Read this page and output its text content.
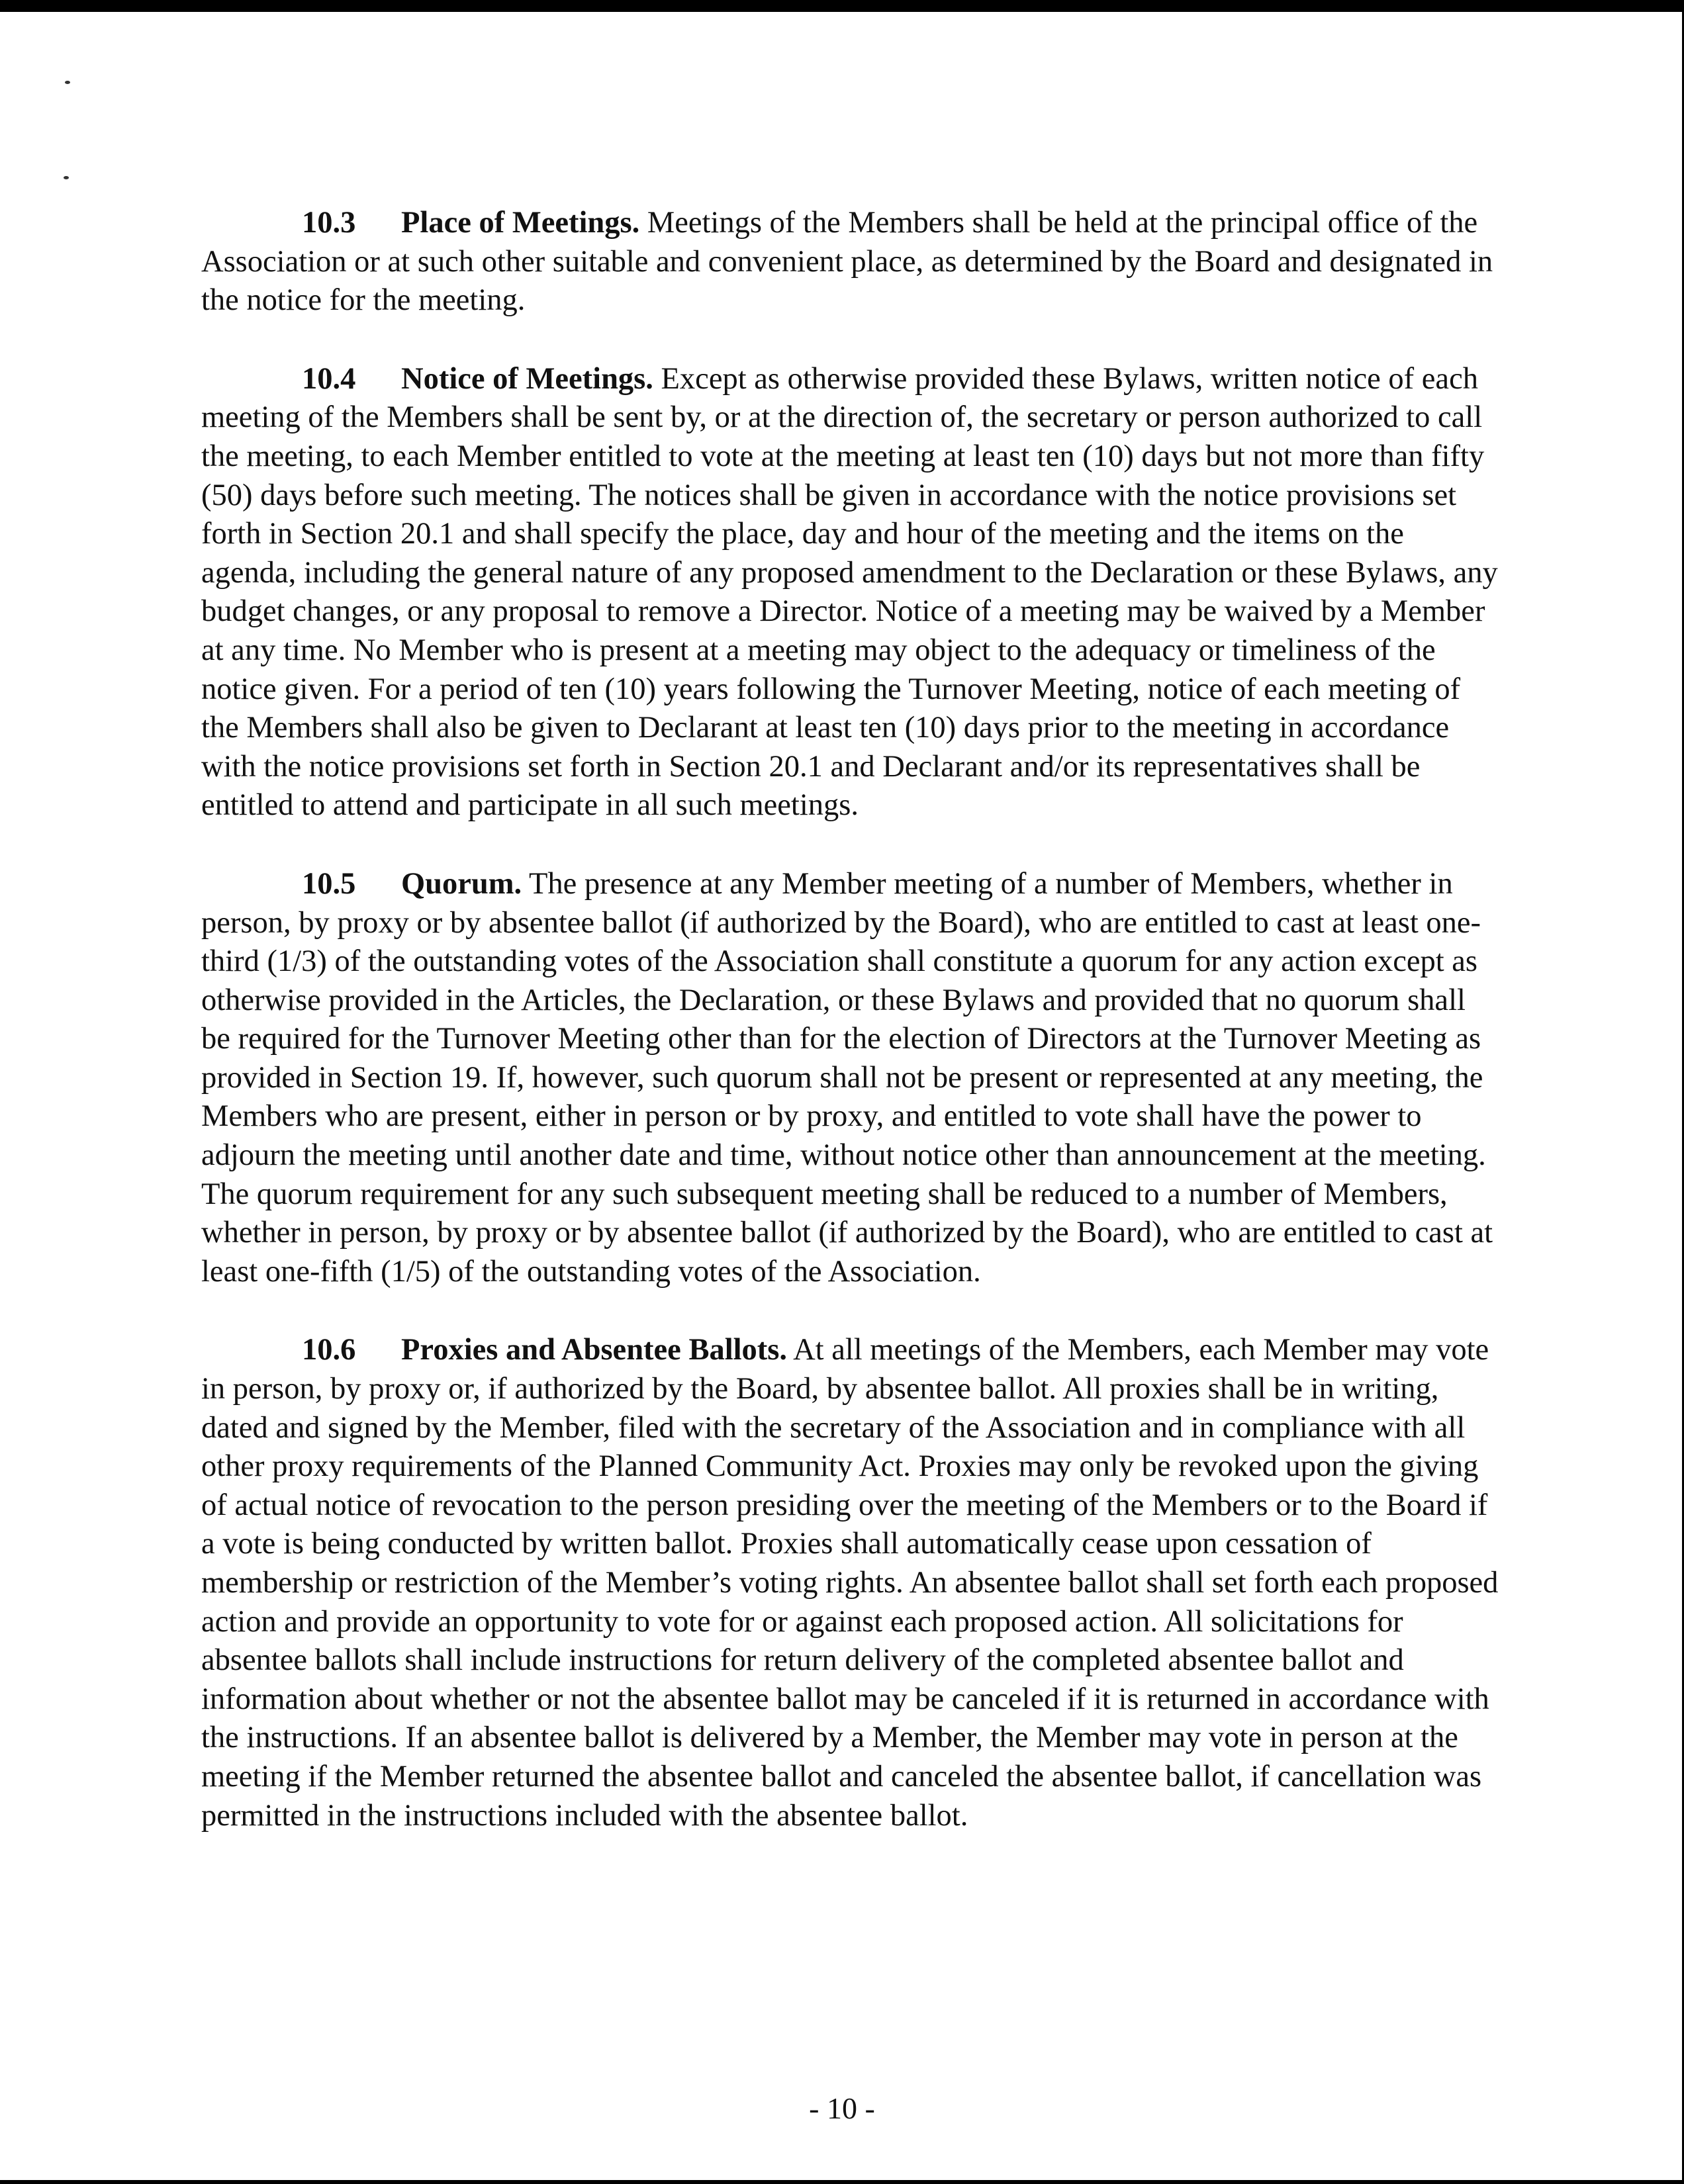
10.3 Place of Meetings. Meetings of the Members shall be held at the principal office of the Association or at such other suitable and convenient place, as determined by the Board and designated in the notice for the meeting.

10.4 Notice of Meetings. Except as otherwise provided these Bylaws, written notice of each meeting of the Members shall be sent by, or at the direction of, the secretary or person authorized to call the meeting, to each Member entitled to vote at the meeting at least ten (10) days but not more than fifty (50) days before such meeting. The notices shall be given in accordance with the notice provisions set forth in Section 20.1 and shall specify the place, day and hour of the meeting and the items on the agenda, including the general nature of any proposed amendment to the Declaration or these Bylaws, any budget changes, or any proposal to remove a Director. Notice of a meeting may be waived by a Member at any time. No Member who is present at a meeting may object to the adequacy or timeliness of the notice given. For a period of ten (10) years following the Turnover Meeting, notice of each meeting of the Members shall also be given to Declarant at least ten (10) days prior to the meeting in accordance with the notice provisions set forth in Section 20.1 and Declarant and/or its representatives shall be entitled to attend and participate in all such meetings.

10.5 Quorum. The presence at any Member meeting of a number of Members, whether in person, by proxy or by absentee ballot (if authorized by the Board), who are entitled to cast at least one-third (1/3) of the outstanding votes of the Association shall constitute a quorum for any action except as otherwise provided in the Articles, the Declaration, or these Bylaws and provided that no quorum shall be required for the Turnover Meeting other than for the election of Directors at the Turnover Meeting as provided in Section 19. If, however, such quorum shall not be present or represented at any meeting, the Members who are present, either in person or by proxy, and entitled to vote shall have the power to adjourn the meeting until another date and time, without notice other than announcement at the meeting. The quorum requirement for any such subsequent meeting shall be reduced to a number of Members, whether in person, by proxy or by absentee ballot (if authorized by the Board), who are entitled to cast at least one-fifth (1/5) of the outstanding votes of the Association.

10.6 Proxies and Absentee Ballots. At all meetings of the Members, each Member may vote in person, by proxy or, if authorized by the Board, by absentee ballot. All proxies shall be in writing, dated and signed by the Member, filed with the secretary of the Association and in compliance with all other proxy requirements of the Planned Community Act. Proxies may only be revoked upon the giving of actual notice of revocation to the person presiding over the meeting of the Members or to the Board if a vote is being conducted by written ballot. Proxies shall automatically cease upon cessation of membership or restriction of the Member’s voting rights. An absentee ballot shall set forth each proposed action and provide an opportunity to vote for or against each proposed action. All solicitations for absentee ballots shall include instructions for return delivery of the completed absentee ballot and information about whether or not the absentee ballot may be canceled if it is returned in accordance with the instructions. If an absentee ballot is delivered by a Member, the Member may vote in person at the meeting if the Member returned the absentee ballot and canceled the absentee ballot, if cancellation was permitted in the instructions included with the absentee ballot.

- 10 -
